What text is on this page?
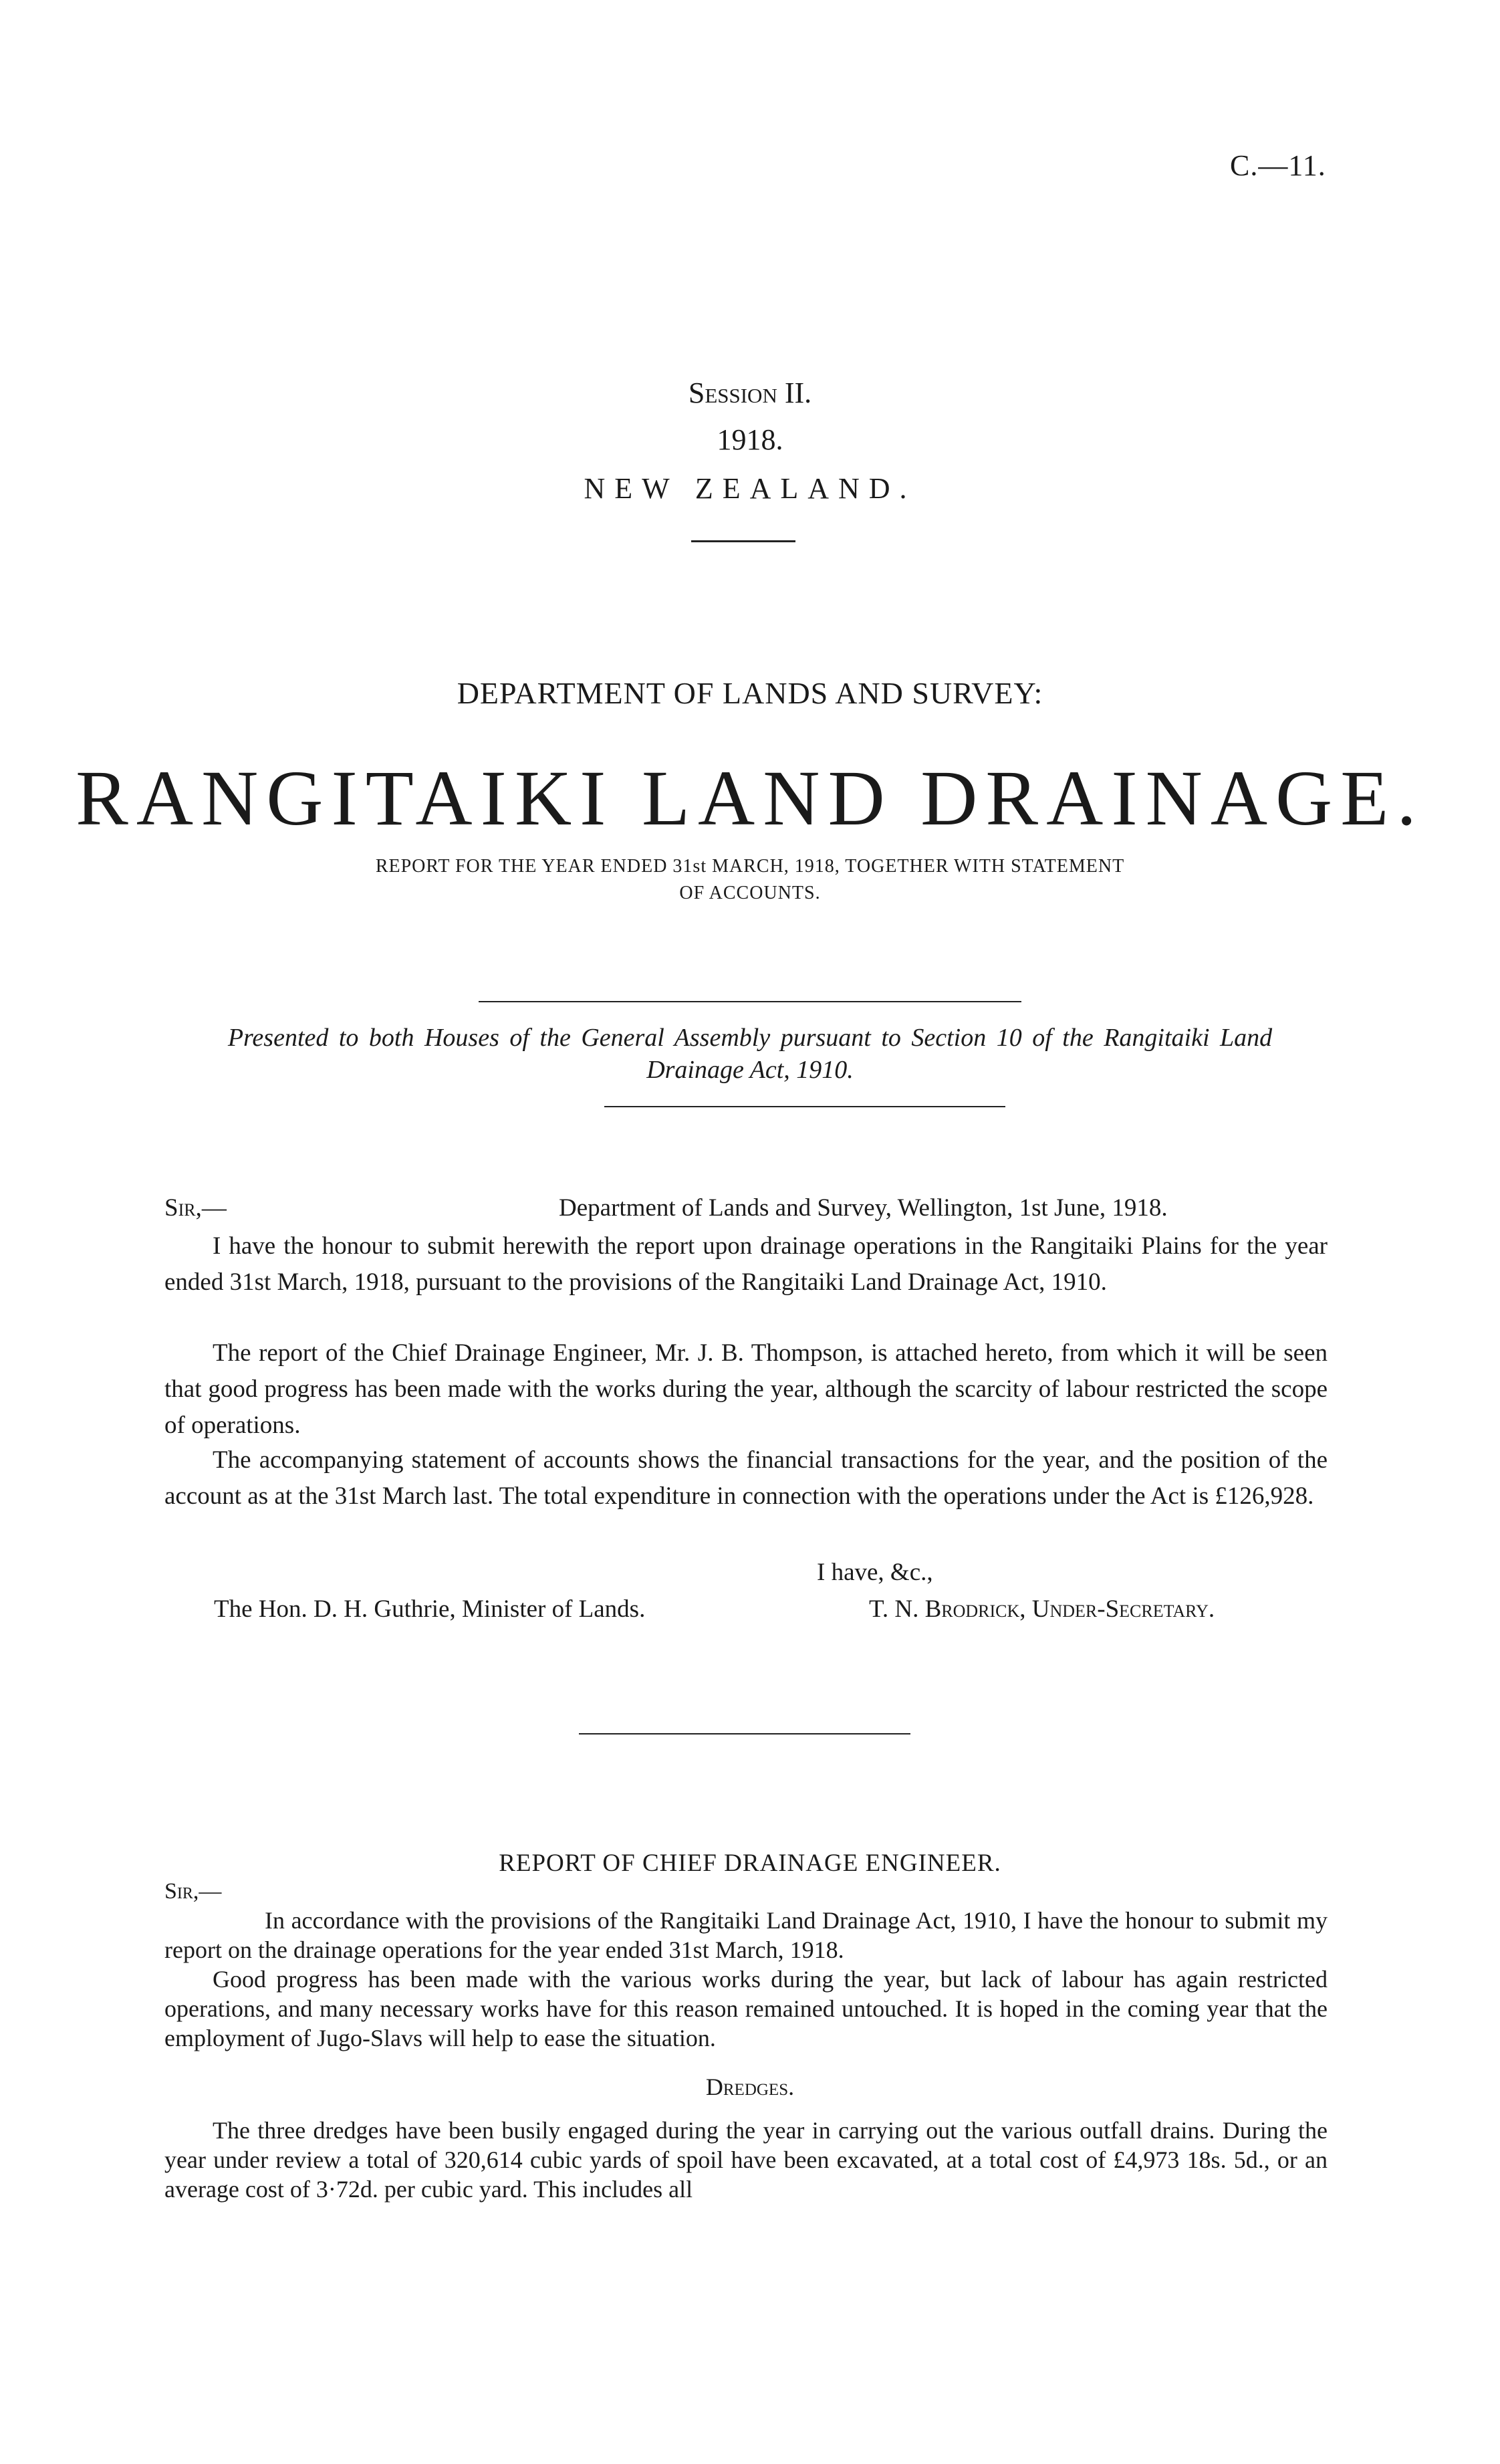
C.—11.
Session II.
1918.
NEW ZEALAND.
DEPARTMENT OF LANDS AND SURVEY:
RANGITAIKI LAND DRAINAGE.
REPORT FOR THE YEAR ENDED 31st MARCH, 1918, TOGETHER WITH STATEMENT
OF ACCOUNTS.
Presented to both Houses of the General Assembly pursuant to Section 10 of the Rangitaiki Land
Drainage Act, 1910.
Sir,—	Department of Lands and Survey, Wellington, 1st June, 1918.
I have the honour to submit herewith the report upon drainage operations in the Rangitaiki Plains for the year ended 31st March, 1918, pursuant to the provisions of the Rangitaiki Land Drainage Act, 1910.
The report of the Chief Drainage Engineer, Mr. J. B. Thompson, is attached hereto, from which it will be seen that good progress has been made with the works during the year, although the scarcity of labour restricted the scope of operations.
The accompanying statement of accounts shows the financial transactions for the year, and the position of the account as at the 31st March last. The total expenditure in connection with the operations under the Act is £126,928.
I have, &c.,
The Hon. D. H. Guthrie, Minister of Lands.	T. N. Brodrick, Under-Secretary.
REPORT OF CHIEF DRAINAGE ENGINEER.
Sir,—
In accordance with the provisions of the Rangitaiki Land Drainage Act, 1910, I have the honour to submit my report on the drainage operations for the year ended 31st March, 1918.
Good progress has been made with the various works during the year, but lack of labour has again restricted operations, and many necessary works have for this reason remained untouched. It is hoped in the coming year that the employment of Jugo-Slavs will help to ease the situation.
Dredges.
The three dredges have been busily engaged during the year in carrying out the various outfall drains. During the year under review a total of 320,614 cubic yards of spoil have been excavated, at a total cost of £4,973 18s. 5d., or an average cost of 3·72d. per cubic yard. This includes all
